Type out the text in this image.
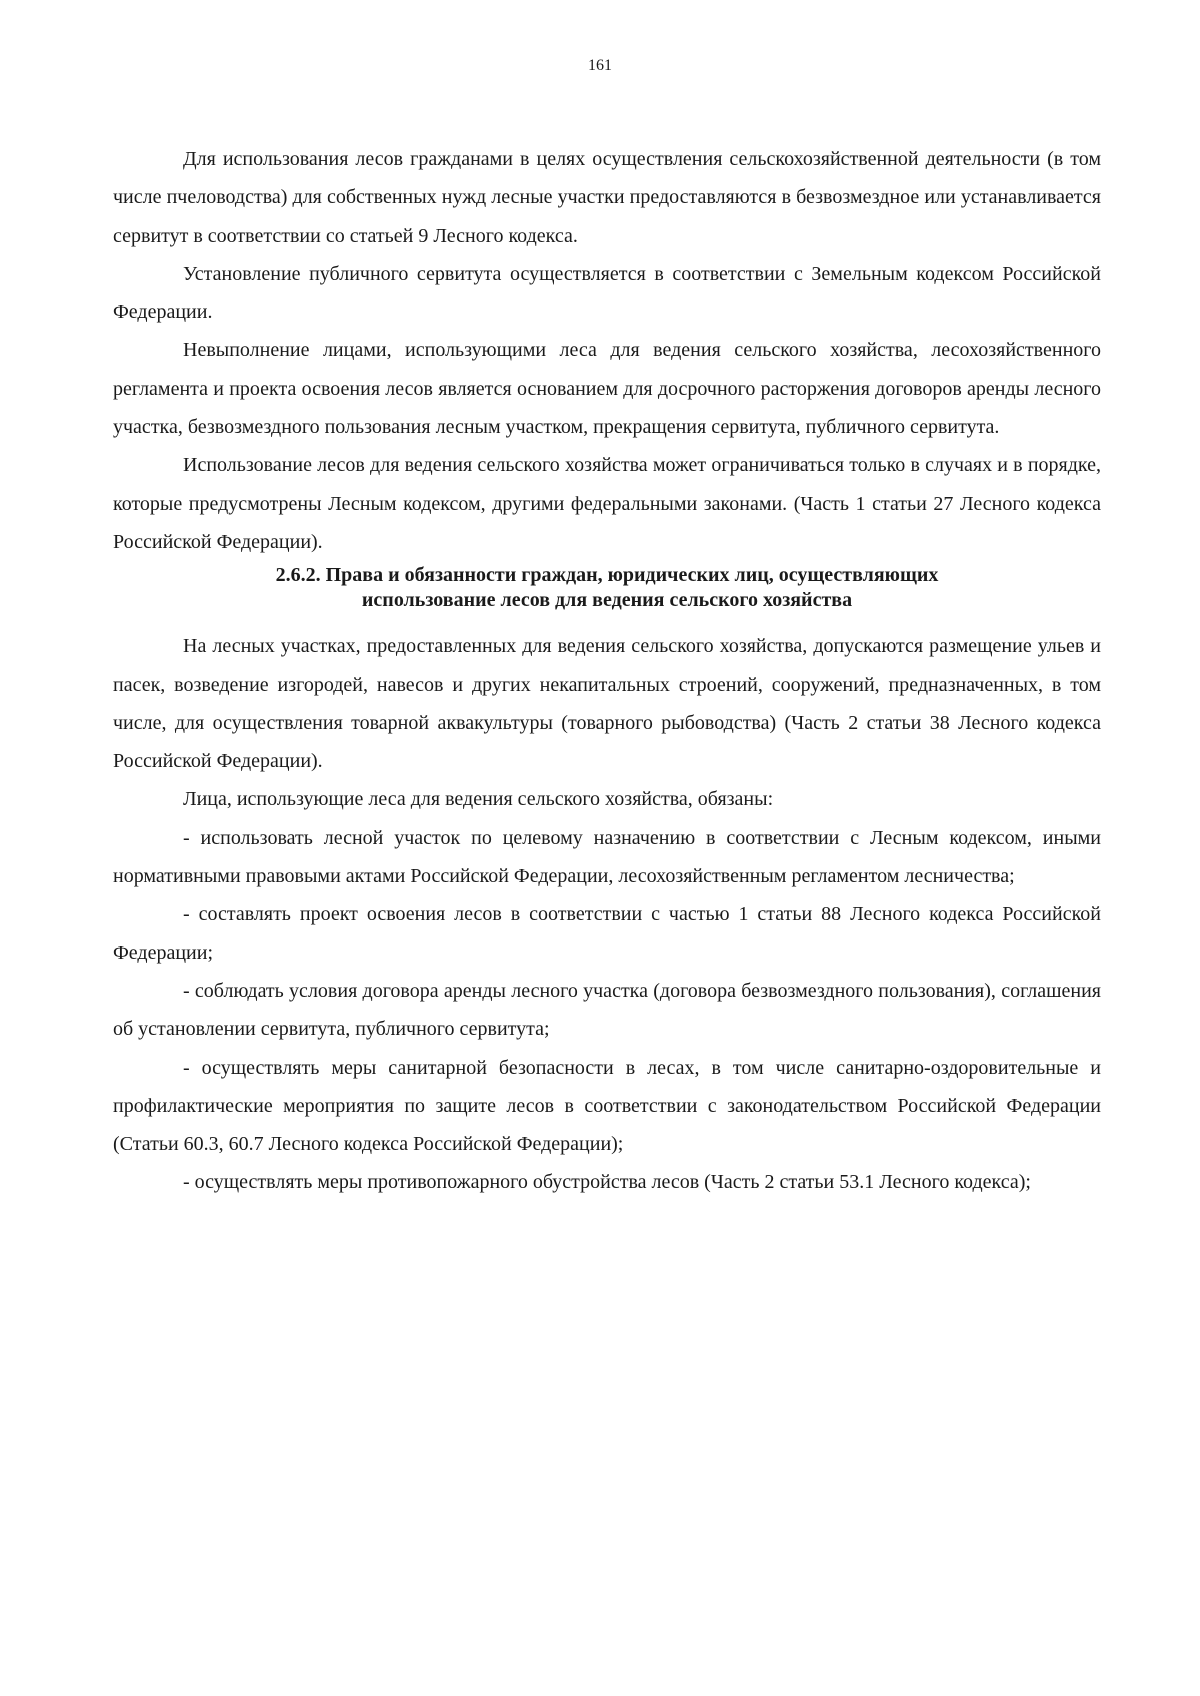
161

Для использования лесов гражданами в целях осуществления сельскохозяйственной деятельности (в том числе пчеловодства) для собственных нужд лесные участки предоставляются в безвозмездное или устанавливается сервитут в соответствии со статьей 9 Лесного кодекса.

Установление публичного сервитута осуществляется в соответствии с Земельным кодексом Российской Федерации.

Невыполнение лицами, использующими леса для ведения сельского хозяйства, лесохозяйственного регламента и проекта освоения лесов является основанием для досрочного расторжения договоров аренды лесного участка, безвозмездного пользования лесным участком, прекращения сервитута, публичного сервитута.

Использование лесов для ведения сельского хозяйства может ограничиваться только в случаях и в порядке, которые предусмотрены Лесным кодексом, другими федеральными законами. (Часть 1 статьи 27 Лесного кодекса Российской Федерации).

2.6.2. Права и обязанности граждан, юридических лиц, осуществляющих
использование лесов для ведения сельского хозяйства

На лесных участках, предоставленных для ведения сельского хозяйства, допускаются размещение ульев и пасек, возведение изгородей, навесов и других некапитальных строений, сооружений, предназначенных, в том числе, для осуществления товарной аквакультуры (товарного рыбоводства) (Часть 2 статьи 38 Лесного кодекса Российской Федерации).

Лица, использующие леса для ведения сельского хозяйства, обязаны:

- использовать лесной участок по целевому назначению в соответствии с Лесным кодексом, иными нормативными правовыми актами Российской Федерации, лесохозяйственным регламентом лесничества;

- составлять проект освоения лесов в соответствии с частью 1 статьи 88 Лесного кодекса Российской Федерации;

- соблюдать условия договора аренды лесного участка (договора безвозмездного пользования), соглашения об установлении сервитута, публичного сервитута;

- осуществлять меры санитарной безопасности в лесах, в том числе санитарно-оздоровительные и профилактические мероприятия по защите лесов в соответствии с законодательством Российской Федерации (Статьи 60.3, 60.7 Лесного кодекса Российской Федерации);

- осуществлять меры противопожарного обустройства лесов (Часть 2 статьи 53.1 Лесного кодекса);
